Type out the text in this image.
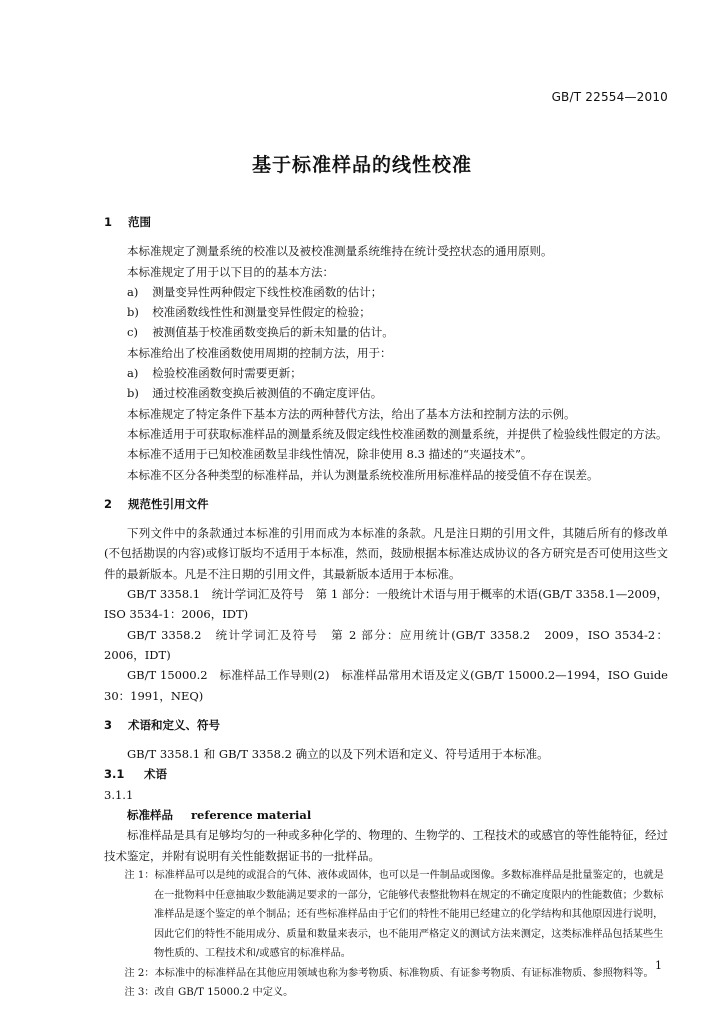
GB/T 22554—2010
基于标准样品的线性校准
1 范围
本标准规定了测量系统的校准以及被校准测量系统维持在统计受控状态的通用原则。
本标准规定了用于以下目的的基本方法：
a) 测量变异性两种假定下线性校准函数的估计；
b) 校准函数线性性和测量变异性假定的检验；
c) 被测值基于校准函数变换后的新未知量的估计。
本标准给出了校准函数使用周期的控制方法，用于：
a) 检验校准函数何时需要更新；
b) 通过校准函数变换后被测值的不确定度评估。
本标准规定了特定条件下基本方法的两种替代方法，给出了基本方法和控制方法的示例。
本标准适用于可获取标准样品的测量系统及假定线性校准函数的测量系统，并提供了检验线性假定的方法。
本标准不适用于已知校准函数呈非线性情况，除非使用 8.3 描述的“夹逼技术”。
本标准不区分各种类型的标准样品，并认为测量系统校准所用标准样品的接受值不存在误差。
2 规范性引用文件
下列文件中的条款通过本标准的引用而成为本标准的条款。凡是注日期的引用文件，其随后所有的修改单(不包括勘误的内容)或修订版均不适用于本标准，然而，鼓励根据本标准达成协议的各方研究是否可使用这些文件的最新版本。凡是不注日期的引用文件，其最新版本适用于本标准。
GB/T 3358.1　统计学词汇及符号　第 1 部分：一般统计术语与用于概率的术语(GB/T 3358.1—2009，ISO 3534-1：2006，IDT)
GB/T 3358.2　统计学词汇及符号　第 2 部分：应用统计(GB/T 3358.2　2009，ISO 3534-2：2006，IDT)
GB/T 15000.2　标准样品工作导则(2)　标准样品常用术语及定义(GB/T 15000.2—1994，ISO Guide 30：1991，NEQ)
3 术语和定义、符号
GB/T 3358.1 和 GB/T 3358.2 确立的以及下列术语和定义、符号适用于本标准。
3.1 术语
3.1.1
标准样品 reference material
标准样品是具有足够均匀的一种或多种化学的、物理的、生物学的、工程技术的或感官的等性能特征，经过技术鉴定，并附有说明有关性能数据证书的一批样品。
注 1：标准样品可以是纯的或混合的气体、液体或固体，也可以是一件制品或图像。多数标准样品是批量鉴定的，也就是在一批物料中任意抽取少数能满足要求的一部分，它能够代表整批物料在规定的不确定度限内的性能数值；少数标准样品是逐个鉴定的单个制品；还有些标准样品由于它们的特性不能用已经建立的化学结构和其他原因进行说明，因此它们的特性不能用成分、质量和数量来表示，也不能用严格定义的测试方法来测定，这类标准样品包括某些生物性质的、工程技术和/或感官的标准样品。
注 2：本标准中的标准样品在其他应用领域也称为参考物质、标准物质、有证参考物质、有证标准物质、参照物料等。
注 3：改自 GB/T 15000.2 中定义。
1
